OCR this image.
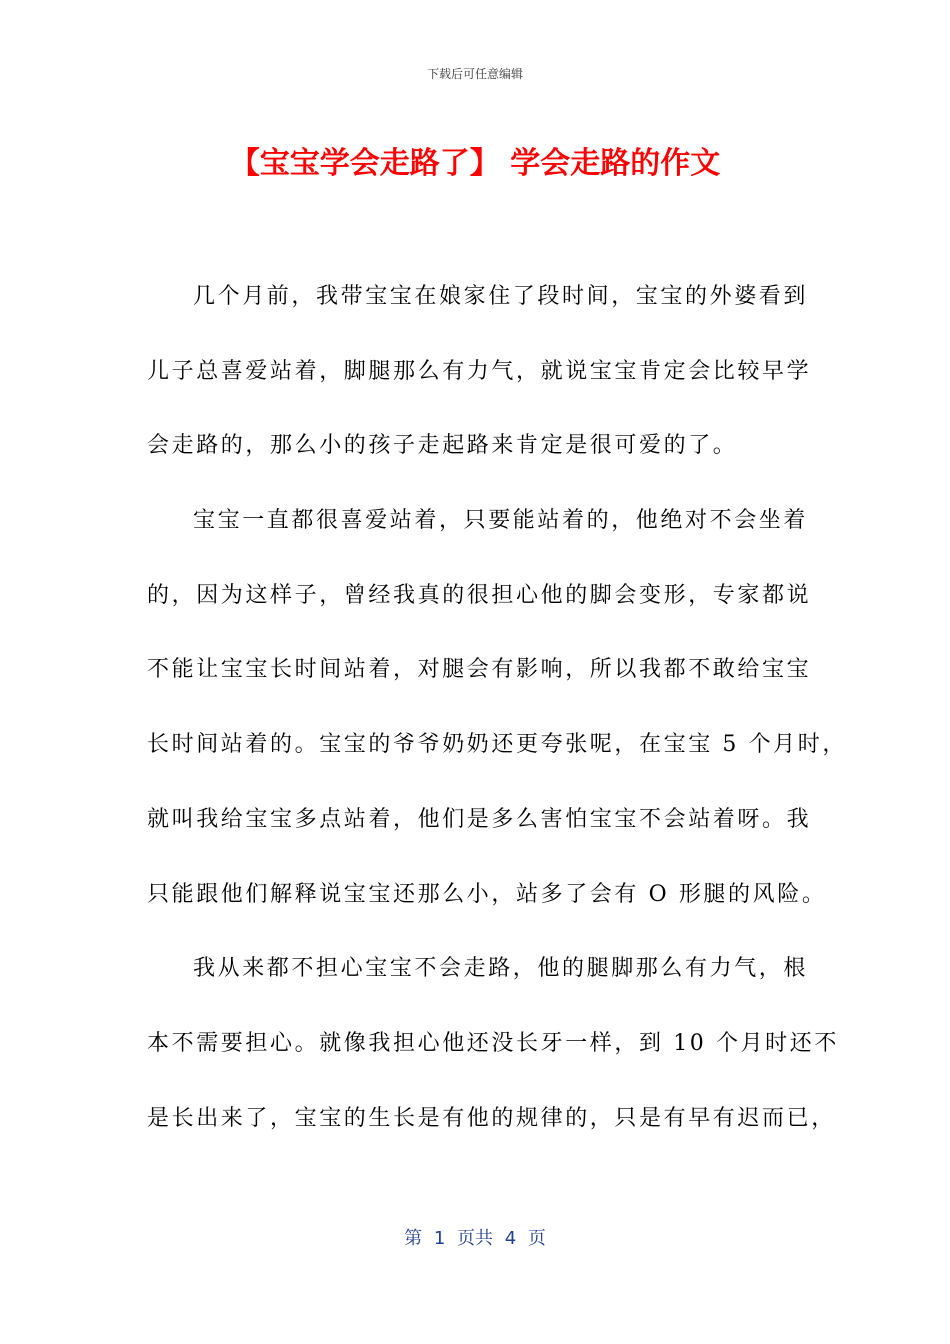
下载后可任意编辑
【宝宝学会走路了】 学会走路的作文
几个月前，我带宝宝在娘家住了段时间，宝宝的外婆看到
儿子总喜爱站着，脚腿那么有力气，就说宝宝肯定会比较早学
会走路的，那么小的孩子走起路来肯定是很可爱的了。
宝宝一直都很喜爱站着，只要能站着的，他绝对不会坐着
的，因为这样子，曾经我真的很担心他的脚会变形，专家都说
不能让宝宝长时间站着，对腿会有影响，所以我都不敢给宝宝
长时间站着的。宝宝的爷爷奶奶还更夸张呢，在宝宝 5 个月时，
就叫我给宝宝多点站着，他们是多么害怕宝宝不会站着呀。我
只能跟他们解释说宝宝还那么小，站多了会有 O 形腿的风险。
我从来都不担心宝宝不会走路，他的腿脚那么有力气，根
本不需要担心。就像我担心他还没长牙一样，到 10 个月时还不
是长出来了，宝宝的生长是有他的规律的，只是有早有迟而已，
第 1 页共 4 页
